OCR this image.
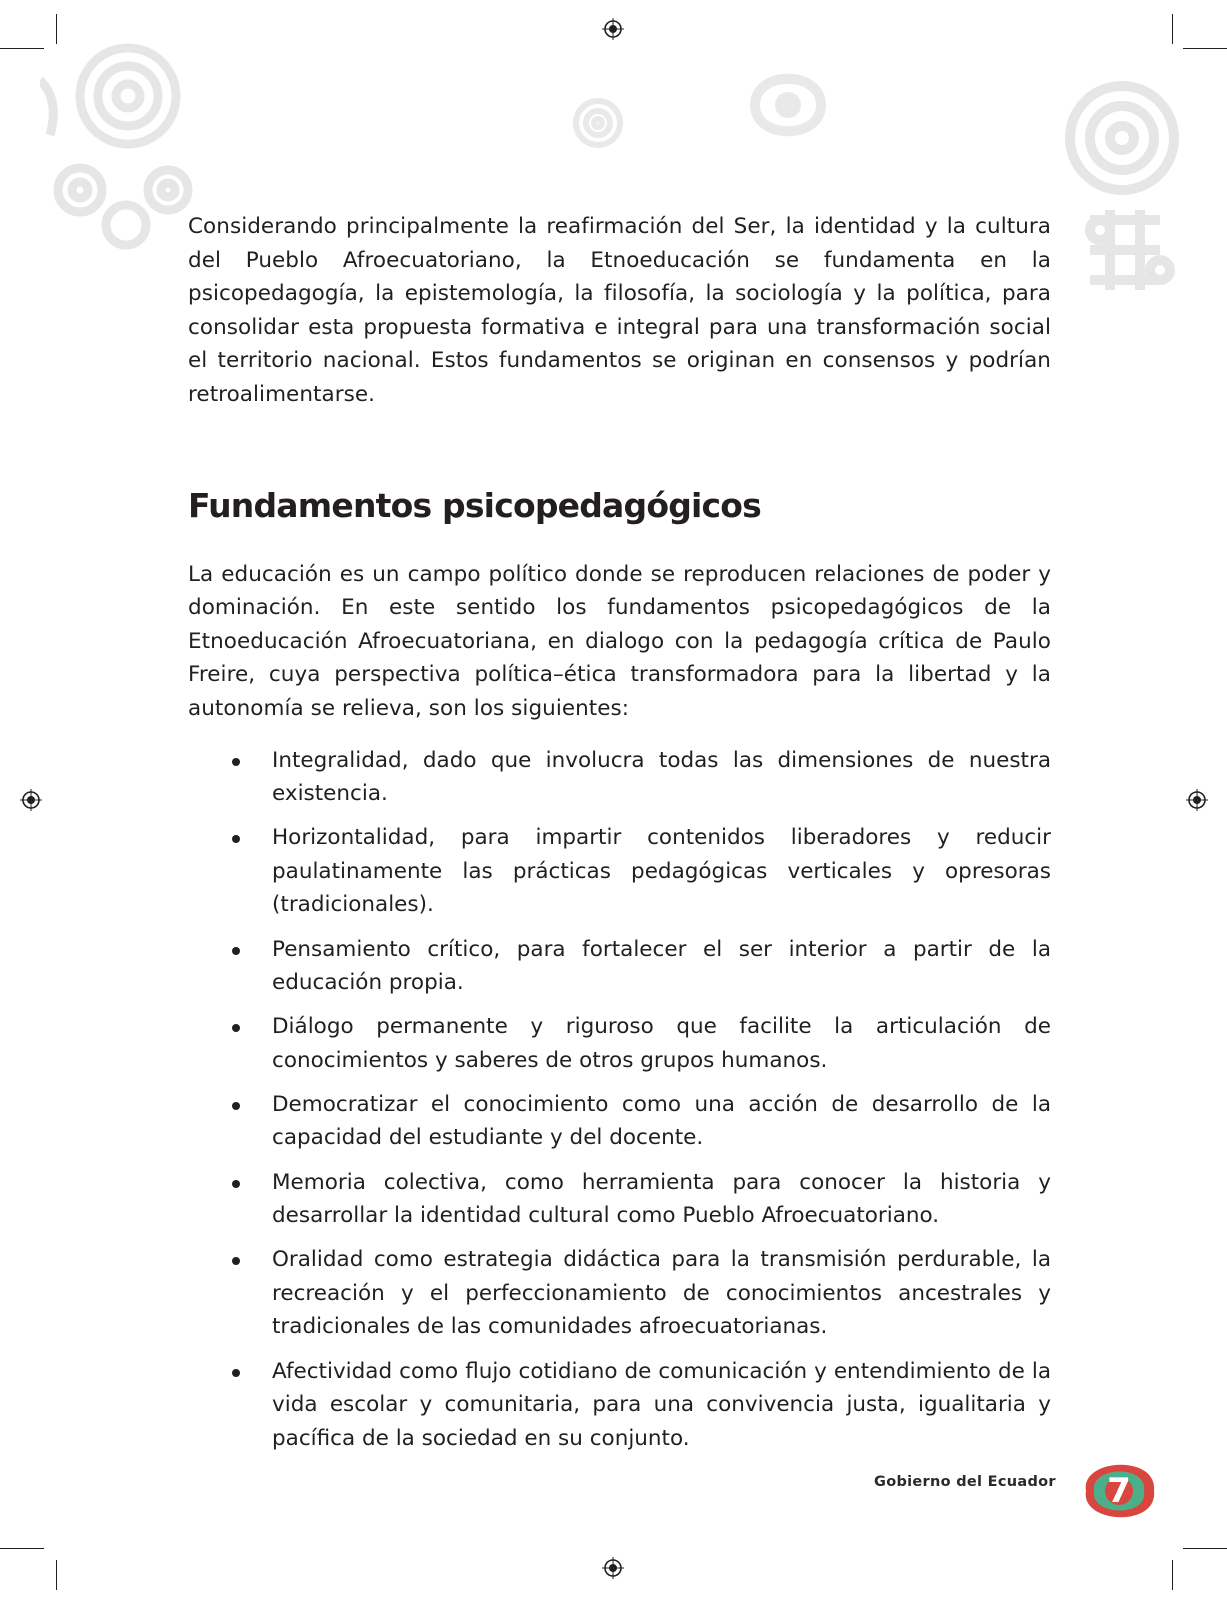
Considerando principalmente la reafirmación del Ser, la identidad y la cultura del Pueblo Afroecuatoriano, la Etnoeducación se fundamenta en la psicopedagogía, la epistemología, la filosofía, la sociología y la política, para consolidar esta propuesta formativa e integral para una transformación social el territorio nacional. Estos fundamentos se originan en consensos y podrían retroalimentarse.

Fundamentos psicopedagógicos

La educación es un campo político donde se reproducen relaciones de poder y dominación. En este sentido los fundamentos psicopedagógicos de la Etnoeducación Afroecuatoriana, en dialogo con la pedagogía crítica de Paulo Freire, cuya perspectiva política–ética transformadora para la libertad y la autonomía se relieva, son los siguientes:

Integralidad, dado que involucra todas las dimensiones de nuestra existencia.
Horizontalidad, para impartir contenidos liberadores y reducir paulatinamente las prácticas pedagógicas verticales y opresoras (tradicionales).
Pensamiento crítico, para fortalecer el ser interior a partir de la educación propia.
Diálogo permanente y riguroso que facilite la articulación de conocimientos y saberes de otros grupos humanos.
Democratizar el conocimiento como una acción de desarrollo de la capacidad del estudiante y del docente.
Memoria colectiva, como herramienta para conocer la historia y desarrollar la identidad cultural como Pueblo Afroecuatoriano.
Oralidad como estrategia didáctica para la transmisión perdurable, la recreación y el perfeccionamiento de conocimientos ancestrales y tradicionales de las comunidades afroecuatorianas.
Afectividad como flujo cotidiano de comunicación y entendimiento de la vida escolar y comunitaria, para una convivencia justa, igualitaria y pacífica de la sociedad en su conjunto.
Gobierno del Ecuador	7
